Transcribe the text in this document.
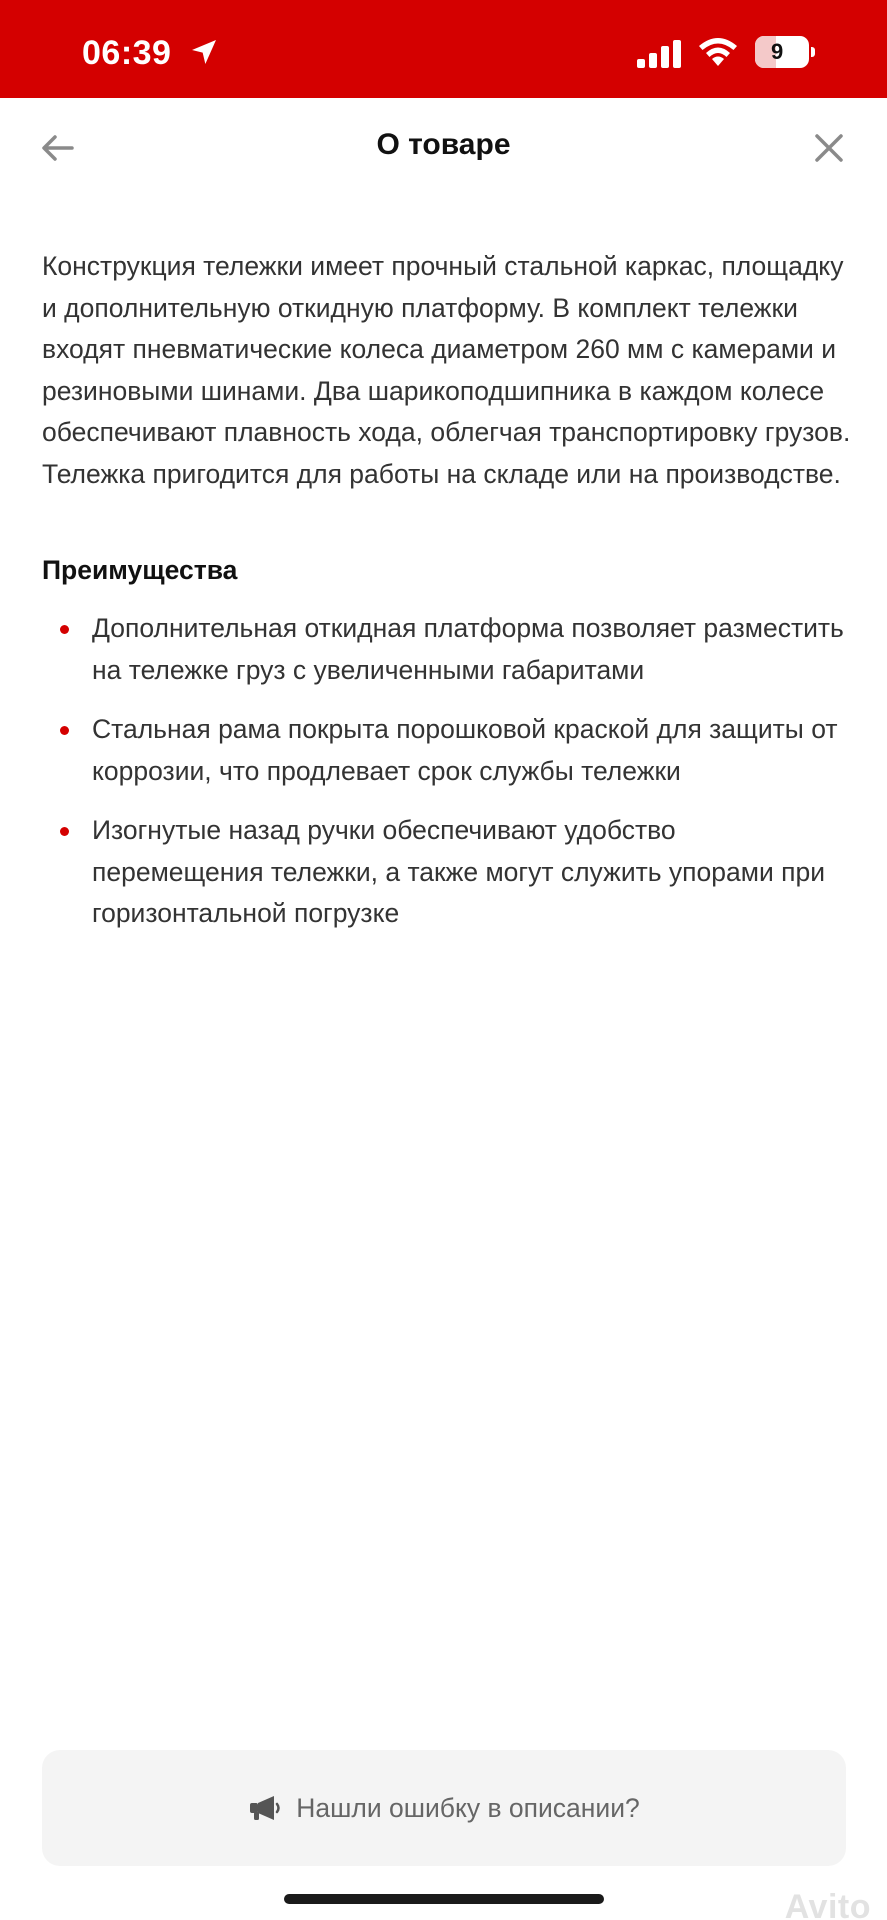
06:39	9
О товаре

Конструкция тележки имеет прочный стальной каркас, площадку и дополнительную откидную платформу. В комплект тележки входят пневматические колеса диаметром 260 мм с камерами и резиновыми шинами. Два шарикоподшипника в каждом колесе обеспечивают плавность хода, облегчая транспортировку грузов. Тележка пригодится для работы на складе или на производстве.

Преимущества
Дополнительная откидная платформа позволяет разместить на тележке груз с увеличенными габаритами
Стальная рама покрыта порошковой краской для защиты от коррозии, что продлевает срок службы тележки
Изогнутые назад ручки обеспечивают удобство перемещения тележки, а также могут служить упорами при горизонтальной погрузке
Нашли ошибку в описании?
Avito
